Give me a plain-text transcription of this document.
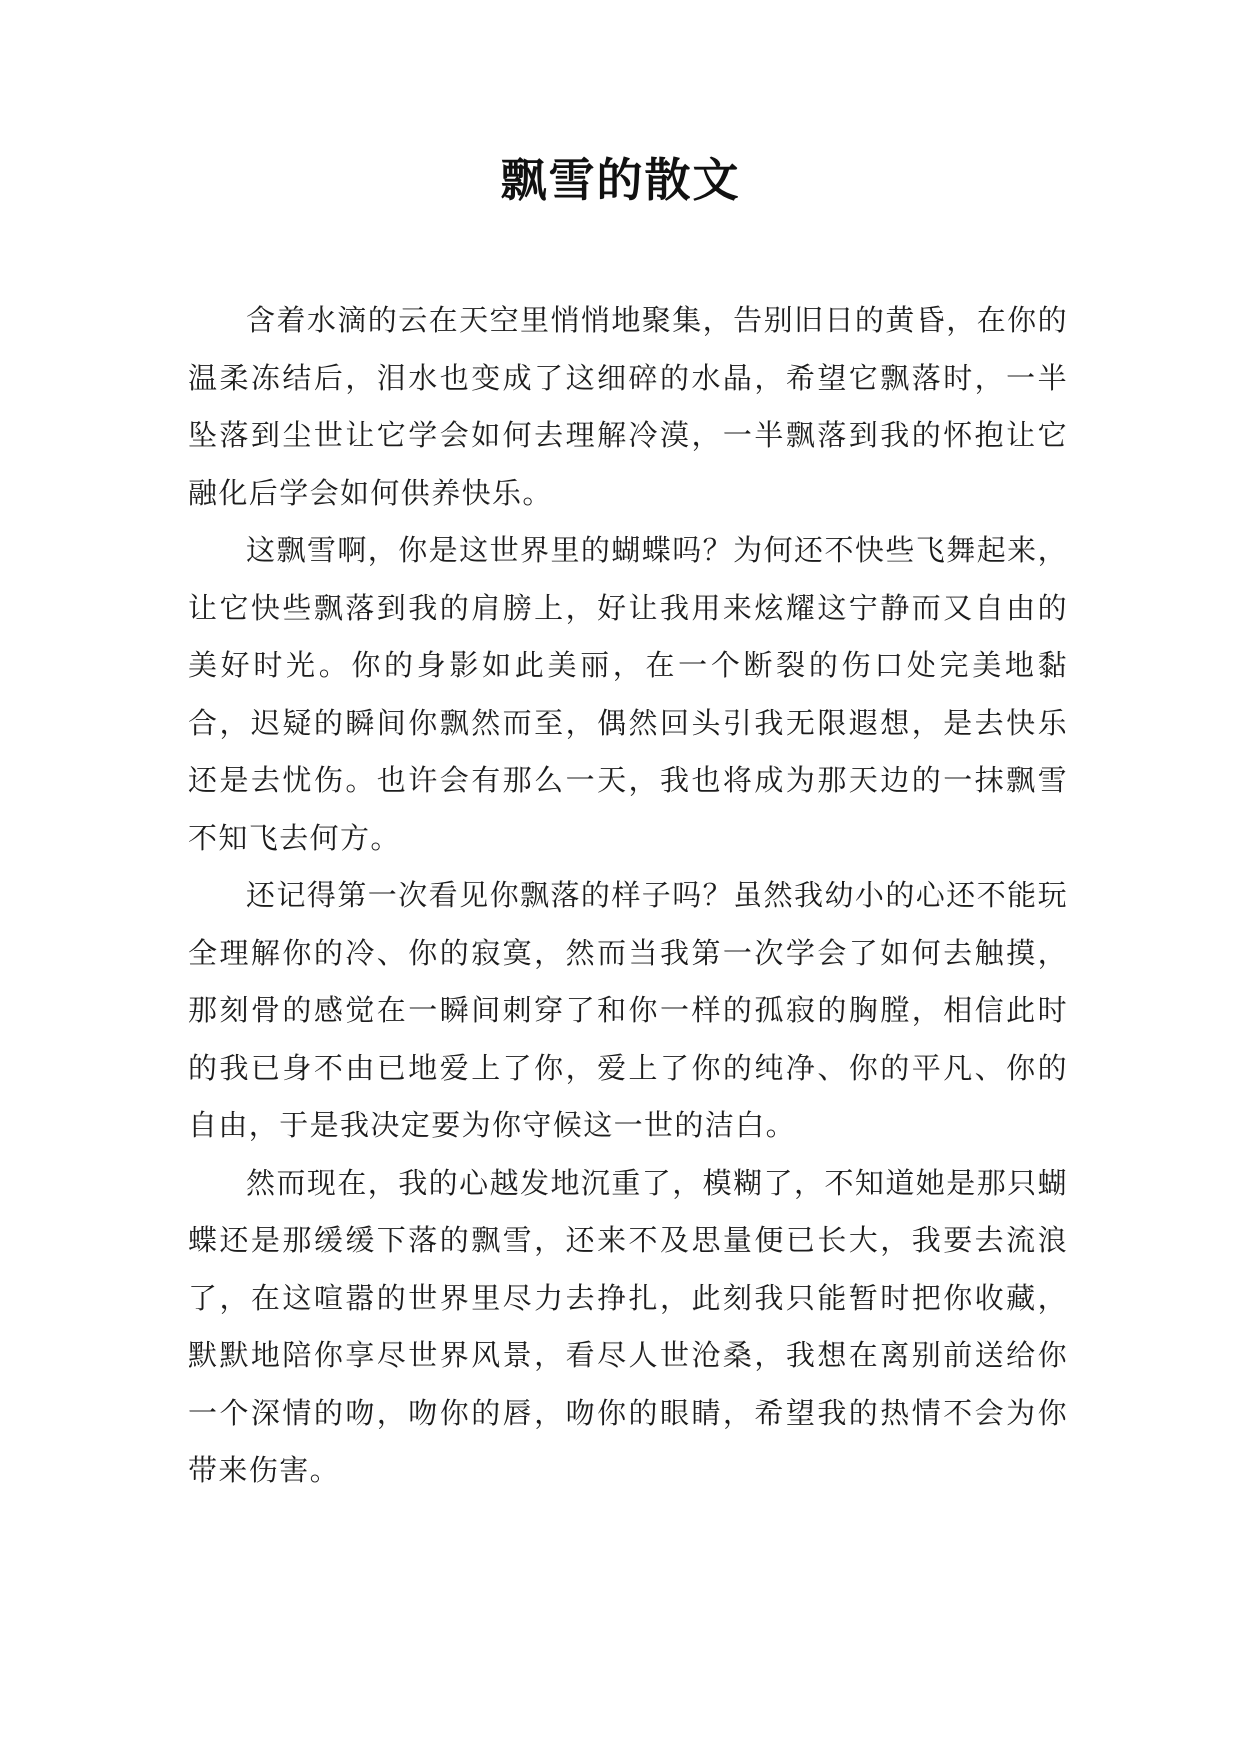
飘雪的散文

含着水滴的云在天空里悄悄地聚集，告别旧日的黄昏，在你的温柔冻结后，泪水也变成了这细碎的水晶，希望它飘落时，一半坠落到尘世让它学会如何去理解冷漠，一半飘落到我的怀抱让它融化后学会如何供养快乐。

这飘雪啊，你是这世界里的蝴蝶吗？为何还不快些飞舞起来，让它快些飘落到我的肩膀上，好让我用来炫耀这宁静而又自由的美好时光。你的身影如此美丽，在一个断裂的伤口处完美地黏合，迟疑的瞬间你飘然而至，偶然回头引我无限遐想，是去快乐还是去忧伤。也许会有那么一天，我也将成为那天边的一抹飘雪不知飞去何方。

还记得第一次看见你飘落的样子吗？虽然我幼小的心还不能玩全理解你的冷、你的寂寞，然而当我第一次学会了如何去触摸，那刻骨的感觉在一瞬间刺穿了和你一样的孤寂的胸膛，相信此时的我已身不由已地爱上了你，爱上了你的纯净、你的平凡、你的自由，于是我决定要为你守候这一世的洁白。

然而现在，我的心越发地沉重了，模糊了，不知道她是那只蝴蝶还是那缓缓下落的飘雪，还来不及思量便已长大，我要去流浪了，在这喧嚣的世界里尽力去挣扎，此刻我只能暂时把你收藏，默默地陪你享尽世界风景，看尽人世沧桑，我想在离别前送给你一个深情的吻，吻你的唇，吻你的眼睛，希望我的热情不会为你带来伤害。
